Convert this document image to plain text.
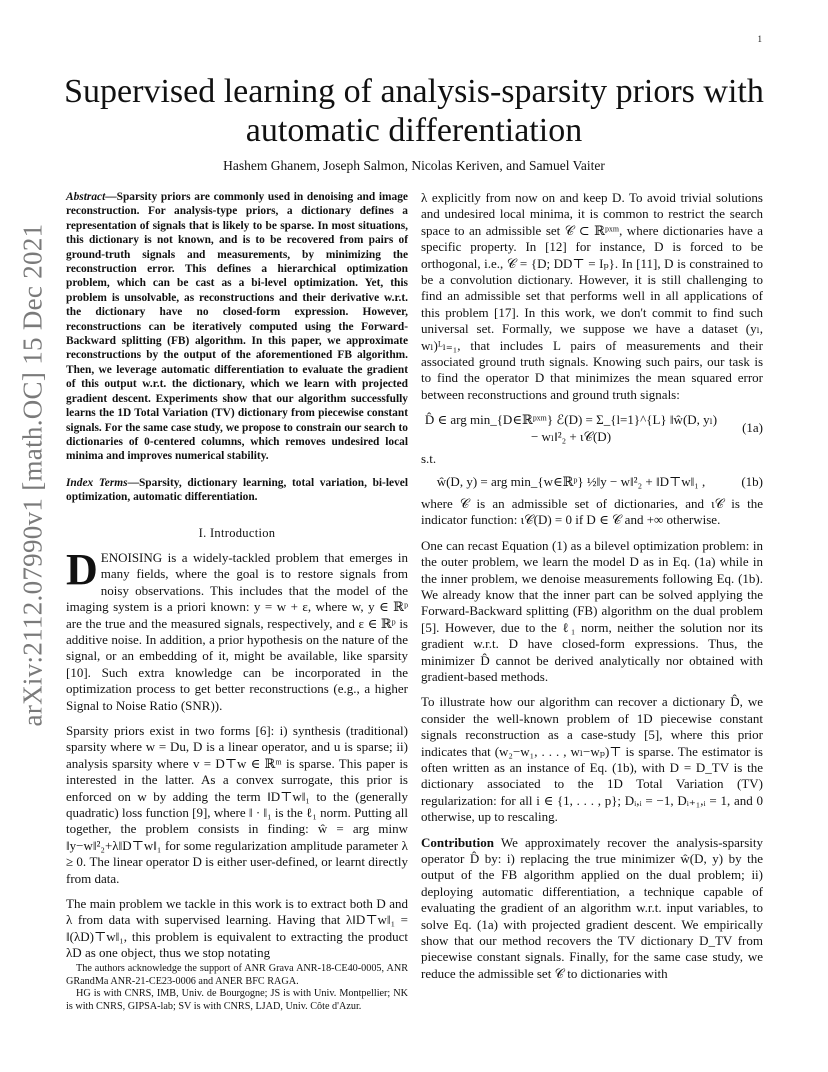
1
arXiv:2112.07990v1 [math.OC] 15 Dec 2021
Supervised learning of analysis-sparsity priors with automatic differentiation
Hashem Ghanem, Joseph Salmon, Nicolas Keriven, and Samuel Vaiter

Abstract—Sparsity priors are commonly used in denoising and image reconstruction. For analysis-type priors, a dictionary defines a representation of signals that is likely to be sparse. In most situations, this dictionary is not known, and is to be recovered from pairs of ground-truth signals and measurements, by minimizing the reconstruction error. This defines a hierarchical optimization problem, which can be cast as a bi-level optimization. Yet, this problem is unsolvable, as reconstructions and their derivative w.r.t. the dictionary have no closed-form expression. However, reconstructions can be iteratively computed using the Forward-Backward splitting (FB) algorithm. In this paper, we approximate reconstructions by the output of the aforementioned FB algorithm. Then, we leverage automatic differentiation to evaluate the gradient of this output w.r.t. the dictionary, which we learn with projected gradient descent. Experiments show that our algorithm successfully learns the 1D Total Variation (TV) dictionary from piecewise constant signals. For the same case study, we propose to constrain our search to dictionaries of 0-centered columns, which removes undesired local minima and improves numerical stability.

Index Terms—Sparsity, dictionary learning, total variation, bi-level optimization, automatic differentiation.

I. Introduction

DENOISING is a widely-tackled problem that emerges in many fields, where the goal is to restore signals from noisy observations. This includes that the model of the imaging system is a priori known: y = w + ε, where w, y ∈ ℝᵖ are the true and the measured signals, respectively, and ε ∈ ℝᵖ is additive noise. In addition, a prior hypothesis on the nature of the signal, or an embedding of it, might be available, like sparsity [10]. Such extra knowledge can be incorporated in the optimization process to get better reconstructions (e.g., a higher Signal to Noise Ratio (SNR)).

Sparsity priors exist in two forms [6]: i) synthesis (traditional) sparsity where w = Du, D is a linear operator, and u is sparse; ii) analysis sparsity where v = D⊤w ∈ ℝᵐ is sparse. This paper is interested in the latter. As a convex surrogate, this prior is enforced on w by adding the term ‖D⊤w‖₁ to the (generally quadratic) loss function [9], where ‖ · ‖₁ is the ℓ₁ norm. Putting all together, the problem consists in finding: ŵ = arg minw ‖y−w‖²₂+λ‖D⊤w‖₁ for some regularization amplitude parameter λ ≥ 0. The linear operator D is either user-defined, or learnt directly from data.

The main problem we tackle in this work is to extract both D and λ from data with supervised learning. Having that λ‖D⊤w‖₁ = ‖(λD)⊤w‖₁, this problem is equivalent to extracting the product λD as one object, thus we stop notating

The authors acknowledge the support of ANR Grava ANR-18-CE40-0005, ANR GRandMa ANR-21-CE23-0006 and ANER BFC RAGA.

HG is with CNRS, IMB, Univ. de Bourgogne; JS is with Univ. Montpellier; NK is with CNRS, GIPSA-lab; SV is with CNRS, LJAD, Univ. Côte d'Azur.

λ explicitly from now on and keep D. To avoid trivial solutions and undesired local minima, it is common to restrict the search space to an admissible set 𝒞 ⊂ ℝᵖˣᵐ, where dictionaries have a specific property. In [12] for instance, D is forced to be orthogonal, i.e., 𝒞 = {D; DD⊤ = Iₚ}. In [11], D is constrained to be a convolution dictionary. However, it is still challenging to find an admissible set that performs well in all applications of this problem [17]. In this work, we don't commit to find such universal set. Formally, we suppose we have a dataset (yₗ, wₗ)ᴸₗ₌₁, that includes L pairs of measurements and their associated ground truth signals. Knowing such pairs, our task is to find the operator D that minimizes the mean squared error between reconstructions and ground truth signals:

D̂ ∈ arg min_{D∈ℝᵖˣᵐ} ℰ(D) = Σ_{l=1}^{L} ‖ŵ(D, yₗ) − wₗ‖²₂ + ι𝒞(D)
(1a)
s.t.
ŵ(D, y) = arg min_{w∈ℝᵖ} ½‖y − w‖²₂ + ‖D⊤w‖₁ ,	(1b)

where 𝒞 is an admissible set of dictionaries, and ι𝒞 is the indicator function: ι𝒞(D) = 0 if D ∈ 𝒞 and +∞ otherwise.

One can recast Equation (1) as a bilevel optimization problem: in the outer problem, we learn the model D as in Eq. (1a) while in the inner problem, we denoise measurements following Eq. (1b). We already know that the inner part can be solved applying the Forward-Backward splitting (FB) algorithm on the dual problem [5]. However, due to the ℓ₁ norm, neither the solution nor its gradient w.r.t. D have closed-form expressions. Thus, the minimizer D̂ cannot be derived analytically nor obtained with gradient-based methods.

To illustrate how our algorithm can recover a dictionary D̂, we consider the well-known problem of 1D piecewise constant signals reconstruction as a case-study [5], where this prior indicates that (w₂−w₁, . . . , wₗ−wₚ)⊤ is sparse. The estimator is often written as an instance of Eq. (1b), with D = D_TV is the dictionary associated to the 1D Total Variation (TV) regularization: for all i ∈ {1, . . . , p}; Dᵢ,ᵢ = −1, Dᵢ₊₁,ᵢ = 1, and 0 otherwise, up to rescaling.

Contribution We approximately recover the analysis-sparsity operator D̂ by: i) replacing the true minimizer ŵ(D, y) by the output of the FB algorithm applied on the dual problem; ii) deploying automatic differentiation, a technique capable of evaluating the gradient of an algorithm w.r.t. input variables, to solve Eq. (1a) with projected gradient descent. We empirically show that our method recovers the TV dictionary D_TV from piecewise constant signals. Finally, for the same case study, we reduce the admissible set 𝒞 to dictionaries with
